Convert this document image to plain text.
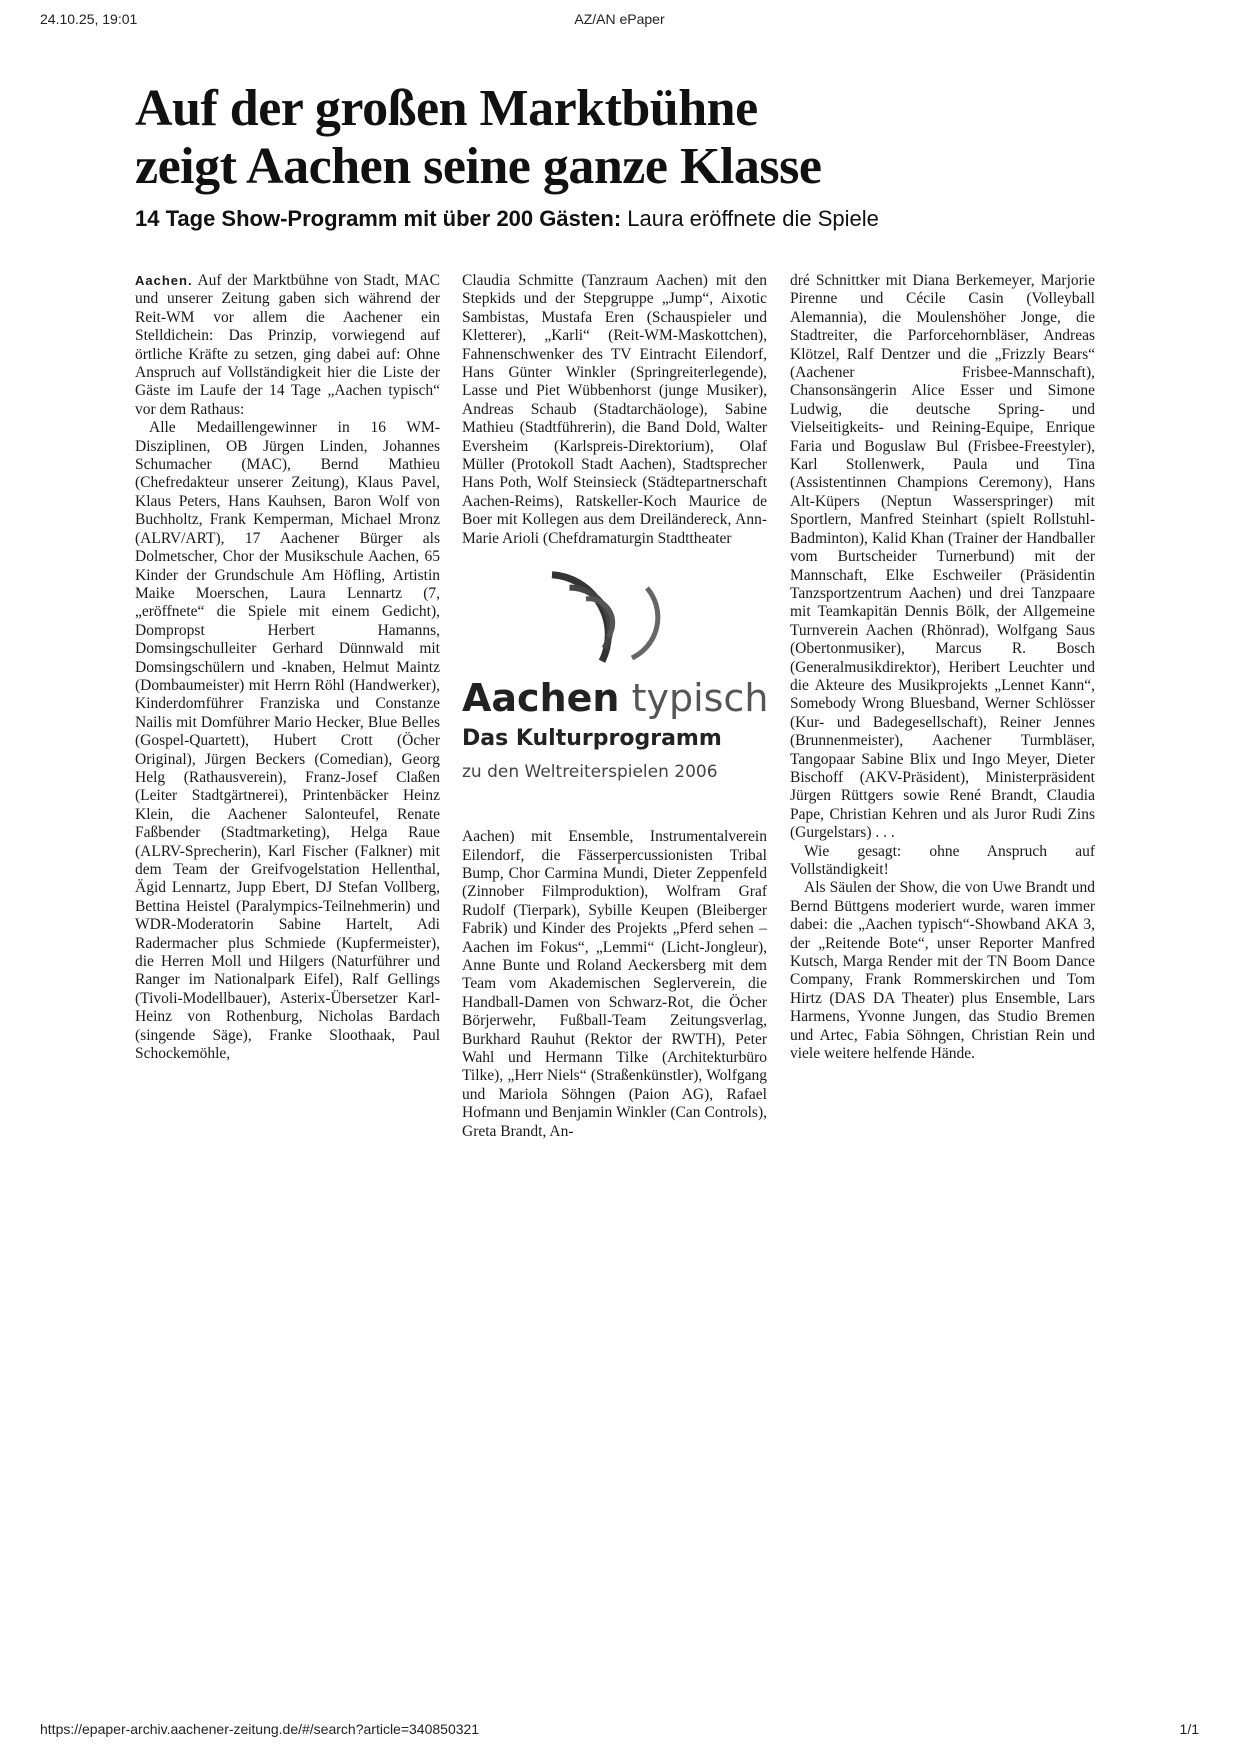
24.10.25, 19:01	AZ/AN ePaper
Auf der großen Marktbühne
zeigt Aachen seine ganze Klasse

14 Tage Show-Programm mit über 200 Gästen: Laura eröffnete die Spiele

Aachen. Auf der Marktbühne von Stadt, MAC und unserer Zeitung gaben sich während der Reit-WM vor allem die Aachener ein Stelldichein: Das Prinzip, vorwiegend auf örtliche Kräfte zu setzen, ging dabei auf: Ohne Anspruch auf Vollständigkeit hier die Liste der Gäste im Laufe der 14 Tage „Aachen typisch“ vor dem Rathaus:

Alle Medaillengewinner in 16 WM-Disziplinen, OB Jürgen Linden, Johannes Schumacher (MAC), Bernd Mathieu (Chefredakteur unserer Zeitung), Klaus Pavel, Klaus Peters, Hans Kauhsen, Baron Wolf von Buchholtz, Frank Kemperman, Michael Mronz (ALRV/ART), 17 Aachener Bürger als Dolmetscher, Chor der Musikschule Aachen, 65 Kinder der Grundschule Am Höfling, Artistin Maike Moerschen, Laura Lennartz (7, „eröffnete“ die Spiele mit einem Gedicht), Dompropst Herbert Hamanns, Domsingschulleiter Gerhard Dünnwald mit Domsingschülern und -knaben, Helmut Maintz (Dombaumeister) mit Herrn Röhl (Handwerker), Kinderdomführer Franziska und Constanze Nailis mit Domführer Mario Hecker, Blue Belles (Gospel-Quartett), Hubert Crott (Öcher Original), Jürgen Beckers (Comedian), Georg Helg (Rathausverein), Franz-Josef Claßen (Leiter Stadtgärtnerei), Printenbäcker Heinz Klein, die Aachener Salonteufel, Renate Faßbender (Stadtmarketing), Helga Raue (ALRV-Sprecherin), Karl Fischer (Falkner) mit dem Team der Greifvogelstation Hellenthal, Ägid Lennartz, Jupp Ebert, DJ Stefan Vollberg, Bettina Heistel (Paralympics-Teilnehmerin) und WDR-Moderatorin Sabine Hartelt, Adi Radermacher plus Schmiede (Kupfermeister), die Herren Moll und Hilgers (Naturführer und Ranger im Nationalpark Eifel), Ralf Gellings (Tivoli-Modellbauer), Asterix-Übersetzer Karl-Heinz von Rothenburg, Nicholas Bardach (singende Säge), Franke Sloothaak, Paul Schockemöhle,

Claudia Schmitte (Tanzraum Aachen) mit den Stepkids und der Stepgruppe „Jump“, Aixotic Sambistas, Mustafa Eren (Schauspieler und Kletterer), „Karli“ (Reit-WM-Maskottchen), Fahnenschwenker des TV Eintracht Eilendorf, Hans Günter Winkler (Springreiterlegende), Lasse und Piet Wübbenhorst (junge Musiker), Andreas Schaub (Stadtarchäologe), Sabine Mathieu (Stadtführerin), die Band Dold, Walter Eversheim (Karlspreis-Direktorium), Olaf Müller (Protokoll Stadt Aachen), Stadtsprecher Hans Poth, Wolf Steinsieck (Städtepartnerschaft Aachen-Reims), Ratskeller-Koch Maurice de Boer mit Kollegen aus dem Dreiländereck, Ann-Marie Arioli (Chefdramaturgin Stadttheater

Aachen typisch
Das Kulturprogramm
zu den Weltreiterspielen 2006

Aachen) mit Ensemble, Instrumentalverein Eilendorf, die Fässerpercussionisten Tribal Bump, Chor Carmina Mundi, Dieter Zeppenfeld (Zinnober Filmproduktion), Wolfram Graf Rudolf (Tierpark), Sybille Keupen (Bleiberger Fabrik) und Kinder des Projekts „Pferd sehen – Aachen im Fokus“, „Lemmi“ (Licht-Jongleur), Anne Bunte und Roland Aeckersberg mit dem Team vom Akademischen Seglerverein, die Handball-Damen von Schwarz-Rot, die Öcher Börjerwehr, Fußball-Team Zeitungsverlag, Burkhard Rauhut (Rektor der RWTH), Peter Wahl und Hermann Tilke (Architekturbüro Tilke), „Herr Niels“ (Straßenkünstler), Wolfgang und Mariola Söhngen (Paion AG), Rafael Hofmann und Benjamin Winkler (Can Controls), Greta Brandt, An-

dré Schnittker mit Diana Berkemeyer, Marjorie Pirenne und Cécile Casin (Volleyball Alemannia), die Moulenshöher Jonge, die Stadtreiter, die Parforcehornbläser, Andreas Klötzel, Ralf Dentzer und die „Frizzly Bears“ (Aachener Frisbee-Mannschaft), Chansonsängerin Alice Esser und Simone Ludwig, die deutsche Spring- und Vielseitigkeits- und Reining-Equipe, Enrique Faria und Boguslaw Bul (Frisbee-Freestyler), Karl Stollenwerk, Paula und Tina (Assistentinnen Champions Ceremony), Hans Alt-Küpers (Neptun Wasserspringer) mit Sportlern, Manfred Steinhart (spielt Rollstuhl-Badminton), Kalid Khan (Trainer der Handballer vom Burtscheider Turnerbund) mit der Mannschaft, Elke Eschweiler (Präsidentin Tanzsportzentrum Aachen) und drei Tanzpaare mit Teamkapitän Dennis Bölk, der Allgemeine Turnverein Aachen (Rhönrad), Wolfgang Saus (Obertonmusiker), Marcus R. Bosch (Generalmusikdirektor), Heribert Leuchter und die Akteure des Musikprojekts „Lennet Kann“, Somebody Wrong Bluesband, Werner Schlösser (Kur- und Badegesellschaft), Reiner Jennes (Brunnenmeister), Aachener Turmbläser, Tangopaar Sabine Blix und Ingo Meyer, Dieter Bischoff (AKV-Präsident), Ministerpräsident Jürgen Rüttgers sowie René Brandt, Claudia Pape, Christian Kehren und als Juror Rudi Zins (Gurgelstars) . . .

Wie gesagt: ohne Anspruch auf Vollständigkeit!

Als Säulen der Show, die von Uwe Brandt und Bernd Büttgens moderiert wurde, waren immer dabei: die „Aachen typisch“-Showband AKA 3, der „Reitende Bote“, unser Reporter Manfred Kutsch, Marga Render mit der TN Boom Dance Company, Frank Rommerskirchen und Tom Hirtz (DAS DA Theater) plus Ensemble, Lars Harmens, Yvonne Jungen, das Studio Bremen und Artec, Fabia Söhngen, Christian Rein und viele weitere helfende Hände.

https://epaper-archiv.aachener-zeitung.de/#/search?article=340850321	1/1
